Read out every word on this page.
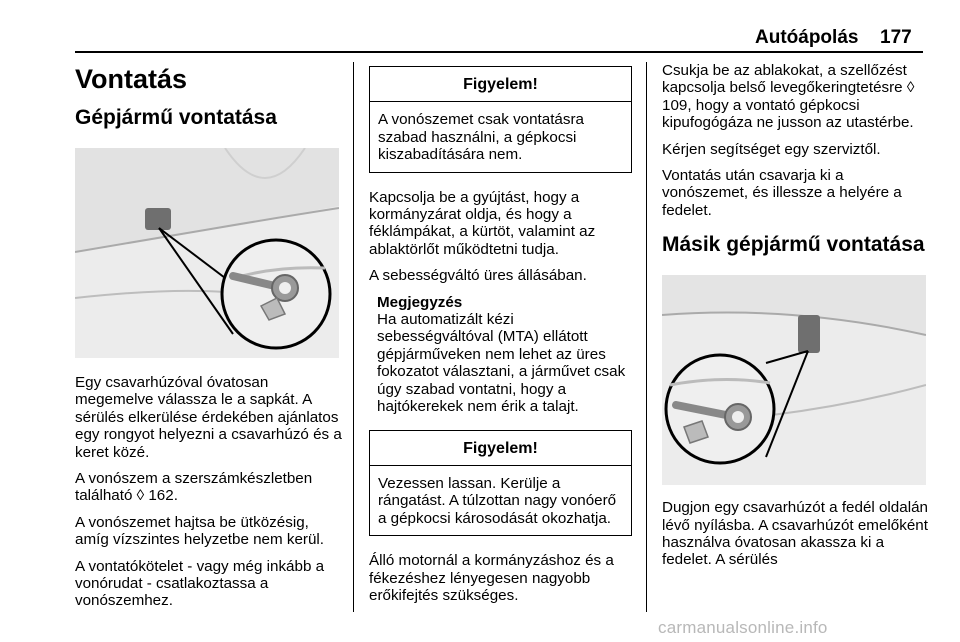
Autóápolás 177
Vontatás
Gépjármű vontatása

Egy csavarhúzóval óvatosan megemelve válassza le a sapkát. A sérülés elkerülése érdekében ajánlatos egy rongyot helyezni a csavarhúzó és a keret közé.

A vonószem a szerszámkészletben található ◊ 162.

A vonószemet hajtsa be ütközésig, amíg vízszintes helyzetbe nem kerül.

A vontatókötelet - vagy még inkább a vonórudat - csatlakoztassa a vonószemhez.

Figyelem!
A vonószemet csak vontatásra szabad használni, a gépkocsi kiszabadítására nem.

Kapcsolja be a gyújtást, hogy a kormányzárat oldja, és hogy a féklámpákat, a kürtöt, valamint az ablaktörlőt működtetni tudja.

A sebességváltó üres állásában.

Megjegyzés
Ha automatizált kézi sebességváltóval (MTA) ellátott gépjárműveken nem lehet az üres fokozatot választani, a járművet csak úgy szabad vontatni, hogy a hajtókerekek nem érik a talajt.
Figyelem!
Vezessen lassan. Kerülje a rángatást. A túlzottan nagy vonóerő a gépkocsi károsodását okozhatja.

Álló motornál a kormányzáshoz és a fékezéshez lényegesen nagyobb erőkifejtés szükséges.

Csukja be az ablakokat, a szellőzést kapcsolja belső levegőkeringtetésre ◊ 109, hogy a vontató gépkocsi kipufogógáza ne jusson az utastérbe.

Kérjen segítséget egy szerviztől.

Vontatás után csavarja ki a vonószemet, és illessze a helyére a fedelet.

Másik gépjármű vontatása

Dugjon egy csavarhúzót a fedél oldalán lévő nyílásba. A csavarhúzót emelőként használva óvatosan akassza ki a fedelet. A sérülés

carmanualsonline.info
